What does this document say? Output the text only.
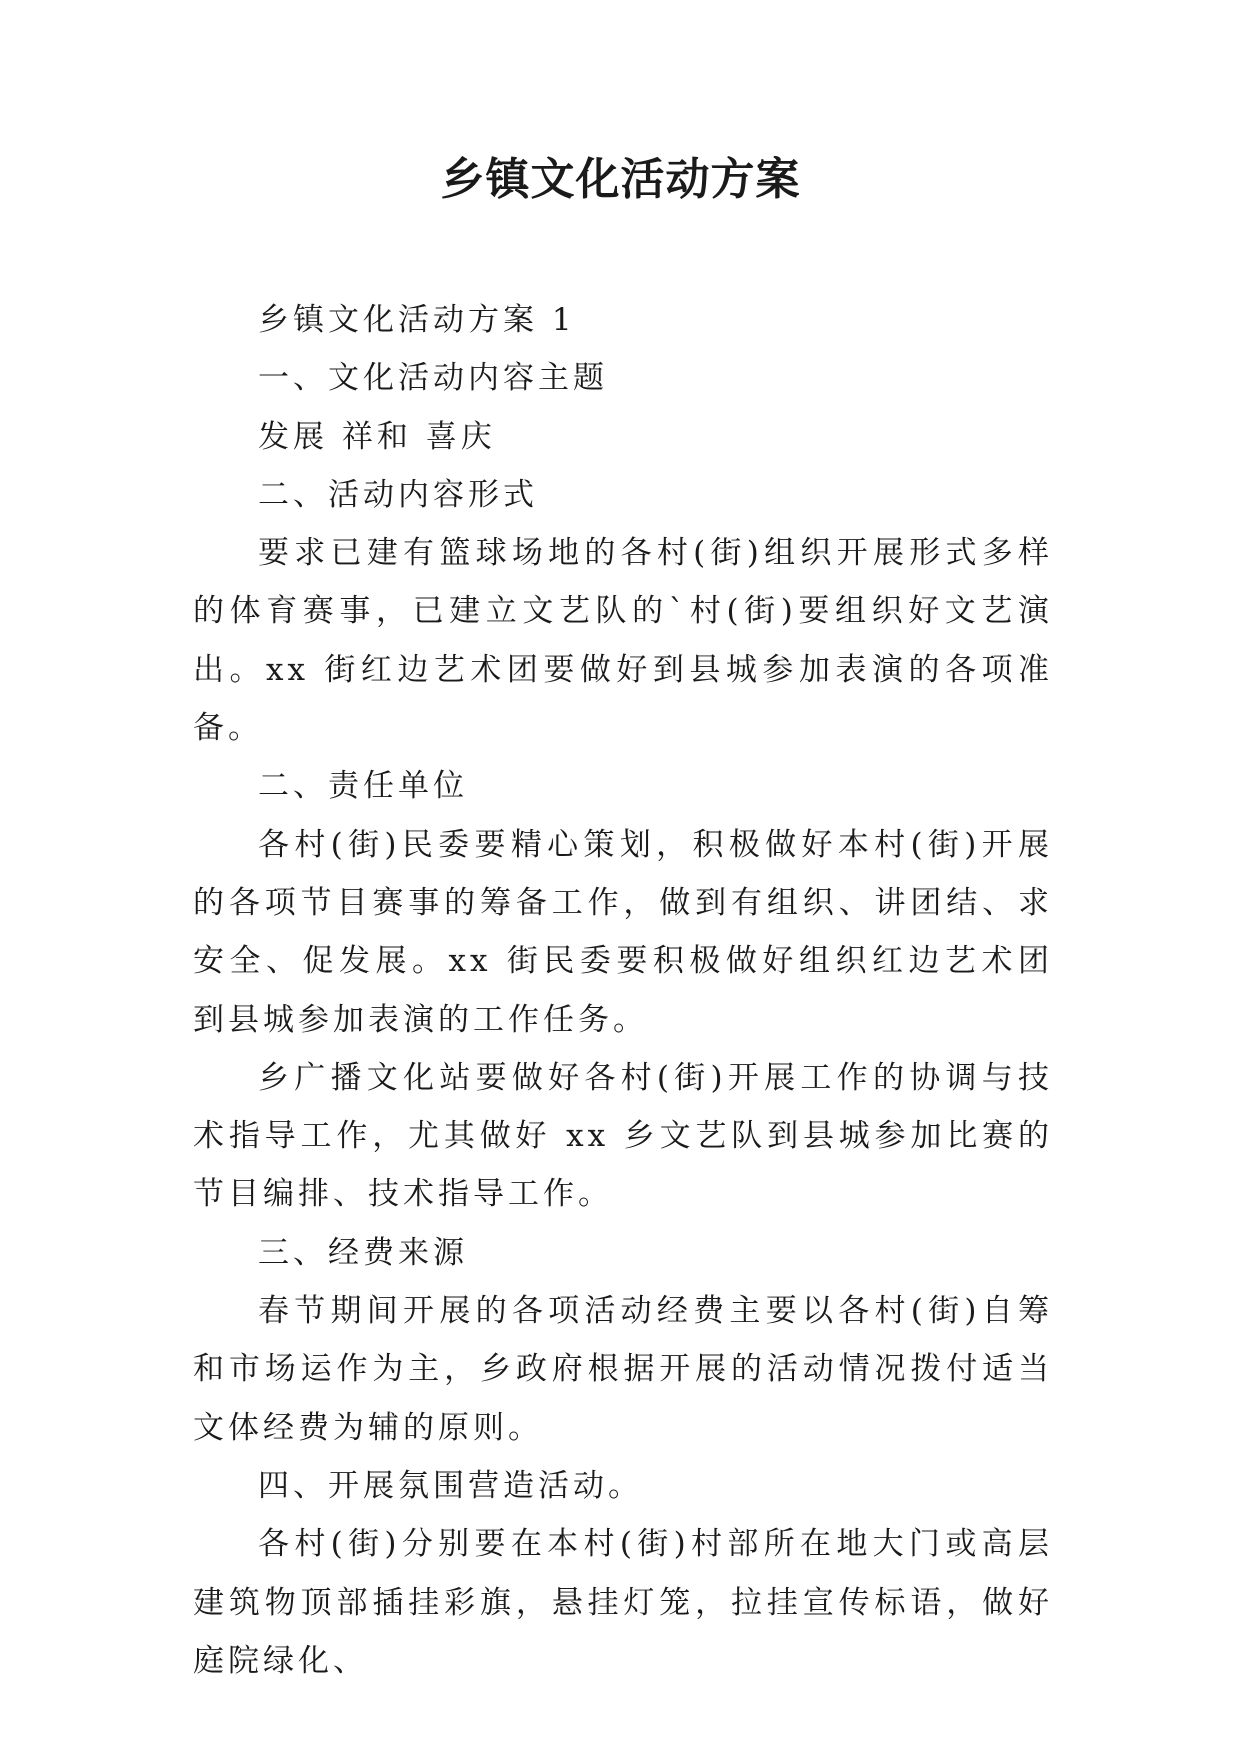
乡镇文化活动方案

乡镇文化活动方案 1

一、文化活动内容主题

发展 祥和 喜庆

二、活动内容形式

要求已建有篮球场地的各村(街)组织开展形式多样的体育赛事，已建立文艺队的`村(街)要组织好文艺演出。xx 街红边艺术团要做好到县城参加表演的各项准备。

二、责任单位

各村(街)民委要精心策划，积极做好本村(街)开展的各项节目赛事的筹备工作，做到有组织、讲团结、求安全、促发展。xx 街民委要积极做好组织红边艺术团到县城参加表演的工作任务。

乡广播文化站要做好各村(街)开展工作的协调与技术指导工作，尤其做好 xx 乡文艺队到县城参加比赛的节目编排、技术指导工作。

三、经费来源

春节期间开展的各项活动经费主要以各村(街)自筹和市场运作为主，乡政府根据开展的活动情况拨付适当文体经费为辅的原则。

四、开展氛围营造活动。

各村(街)分别要在本村(街)村部所在地大门或高层建筑物顶部插挂彩旗，悬挂灯笼，拉挂宣传标语，做好庭院绿化、
